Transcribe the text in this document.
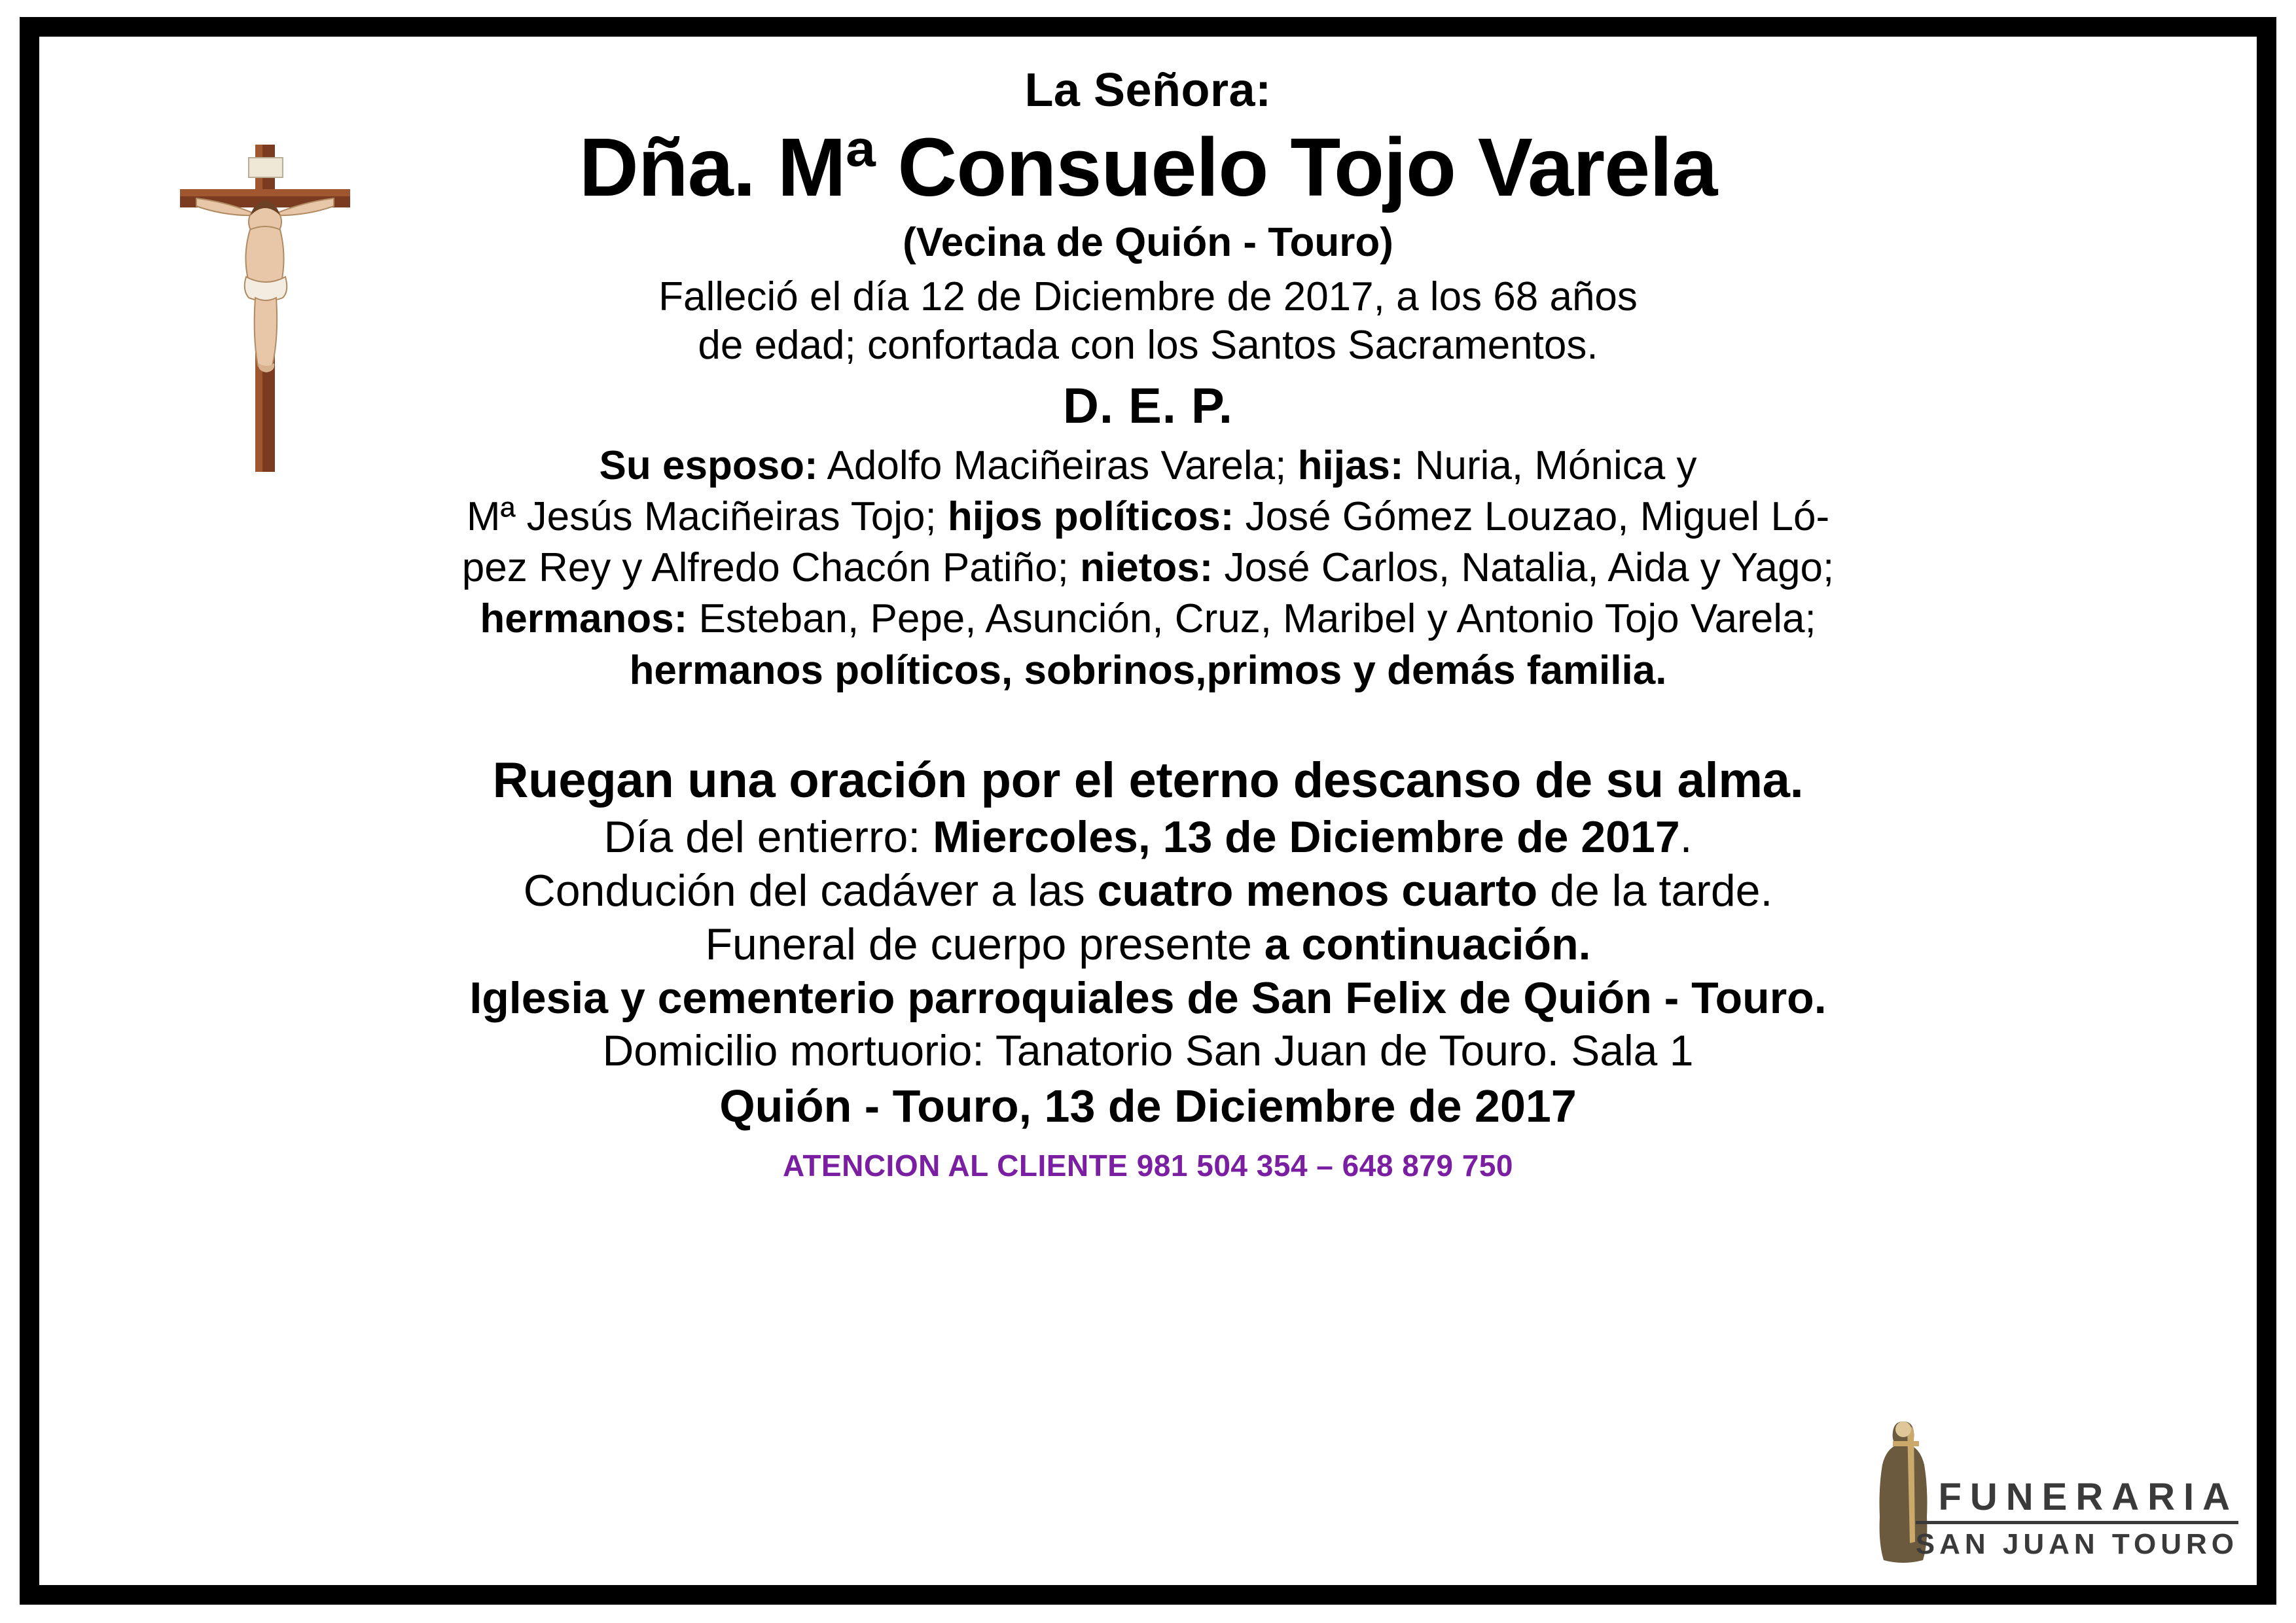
La Señora:
Dña. Mª Consuelo Tojo Varela
(Vecina de Quión - Touro)
Falleció el día 12 de Diciembre de 2017, a los 68 años
de edad; confortada con los Santos Sacramentos.
D. E. P.
Su esposo: Adolfo Maciñeiras Varela; hijas: Nuria, Mónica y
Mª Jesús Maciñeiras Tojo; hijos políticos: José Gómez Louzao, Miguel Ló-
pez Rey y Alfredo Chacón Patiño; nietos: José Carlos, Natalia, Aida y Yago;
hermanos: Esteban, Pepe, Asunción, Cruz, Maribel y Antonio Tojo Varela;
hermanos políticos, sobrinos,primos y demás familia.
Ruegan una oración por el eterno descanso de su alma.
Día del entierro: Miercoles, 13 de Diciembre de 2017.
Condución del cadáver a las cuatro menos cuarto de la tarde.
Funeral de cuerpo presente a continuación.
Iglesia y cementerio parroquiales de San Felix de Quión - Touro.
Domicilio mortuorio: Tanatorio San Juan de Touro. Sala 1
Quión - Touro, 13 de Diciembre de 2017
ATENCION AL CLIENTE 981 504 354 – 648 879 750
FUNERARIA
SAN JUAN TOURO
